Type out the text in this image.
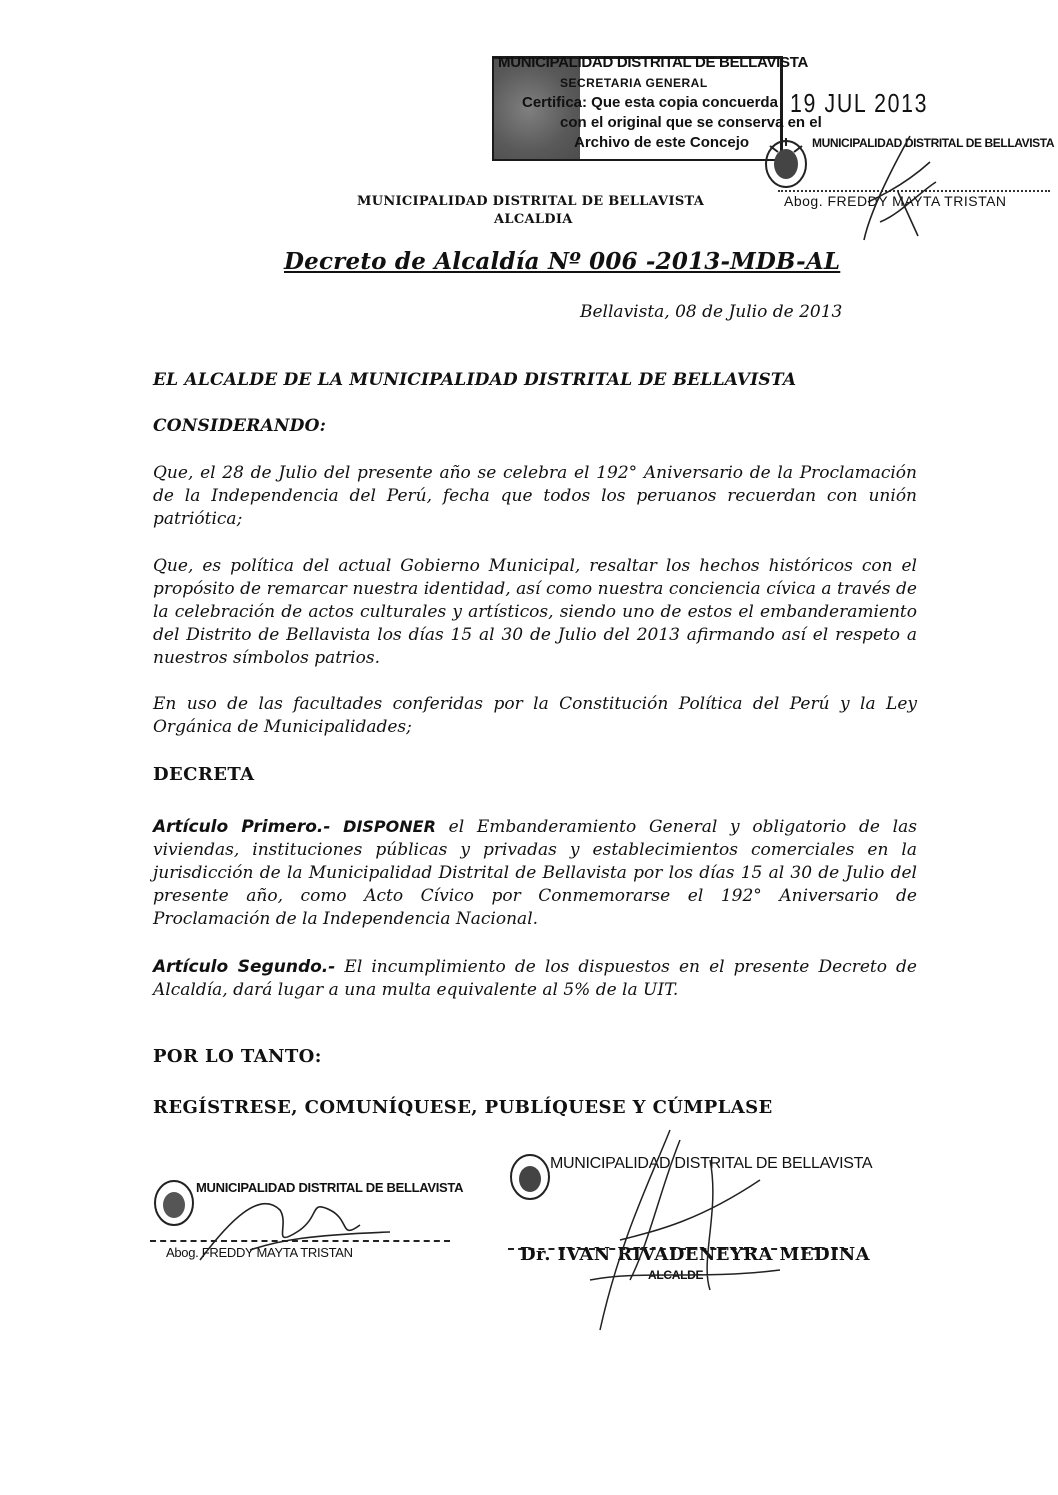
MUNICIPALIDAD DISTRITAL DE BELLAVISTA
SECRETARIA GENERAL
Certifica: Que esta copia concuerda
con el original que se conserva en el
Archivo de este Concejo
19 JUL 2013
MUNICIPALIDAD DISTRITAL DE BELLAVISTA
Abog. FREDDY MAYTA TRISTAN
MUNICIPALIDAD DISTRITAL DE BELLAVISTA
ALCALDIA
Decreto de Alcaldía Nº 006 -2013-MDB-AL
Bellavista, 08 de Julio de 2013
EL ALCALDE DE LA MUNICIPALIDAD DISTRITAL DE BELLAVISTA
CONSIDERANDO:

Que, el 28 de Julio del presente año se celebra el 192° Aniversario de la Proclamación de la Independencia del Perú, fecha que todos los peruanos recuerdan con unión patriótica;

Que, es política del actual Gobierno Municipal, resaltar los hechos históricos con el propósito de remarcar nuestra identidad, así como nuestra conciencia cívica a través de la celebración de actos culturales y artísticos, siendo uno de estos el embanderamiento del Distrito de Bellavista los días 15 al 30 de Julio del 2013 afirmando así el respeto a nuestros símbolos patrios.

En uso de las facultades conferidas por la Constitución Política del Perú y la Ley Orgánica de Municipalidades;

DECRETA

Artículo Primero.- DISPONER el Embanderamiento General y obligatorio de las viviendas, instituciones públicas y privadas y establecimientos comerciales en la jurisdicción de la Municipalidad Distrital de Bellavista por los días 15 al 30 de Julio del presente año, como Acto Cívico por Conmemorarse el 192° Aniversario de Proclamación de la Independencia Nacional.

Artículo Segundo.- El incumplimiento de los dispuestos en el presente Decreto de Alcaldía, dará lugar a una multa equivalente al 5% de la UIT.

POR LO TANTO:
REGÍSTRESE, COMUNÍQUESE, PUBLÍQUESE Y CÚMPLASE
MUNICIPALIDAD DISTRITAL DE BELLAVISTA
Abog. FREDDY MAYTA TRISTAN
MUNICIPALIDAD DISTRITAL DE BELLAVISTA
Dr. IVAN RIVADENEYRA MEDINA
ALCALDE
